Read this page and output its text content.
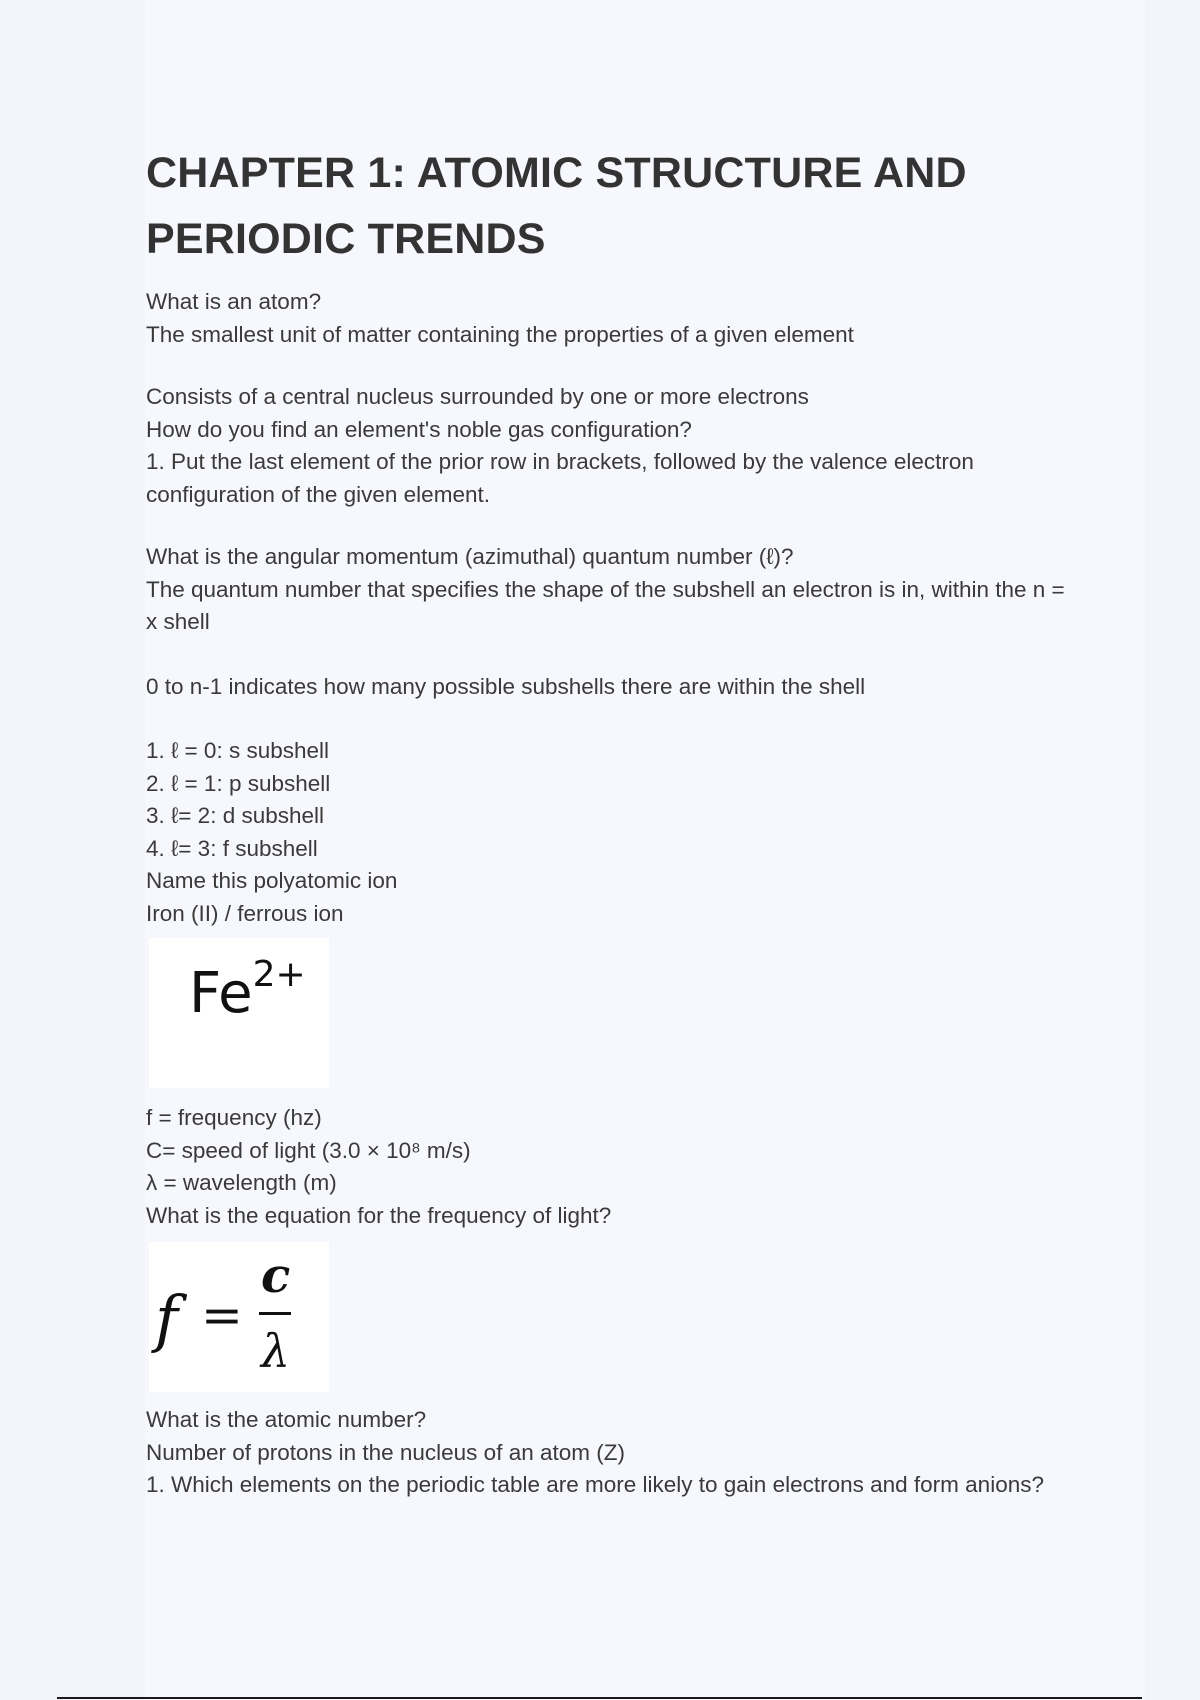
CHAPTER 1: ATOMIC STRUCTURE AND PERIODIC TRENDS
What is an atom?
The smallest unit of matter containing the properties of a given element
Consists of a central nucleus surrounded by one or more electrons
How do you find an element's noble gas configuration?
1. Put the last element of the prior row in brackets, followed by the valence electron configuration of the given element.
What is the angular momentum (azimuthal) quantum number (ℓ)?
The quantum number that specifies the shape of the subshell an electron is in, within the n = x shell
0 to n-1 indicates how many possible subshells there are within the shell
1. ℓ = 0: s subshell
2. ℓ = 1: p subshell
3. ℓ= 2: d subshell
4. ℓ= 3: f subshell
Name this polyatomic ion
Iron (II) / ferrous ion
$Fe^{2+}$
f = frequency (hz)
C= speed of light (3.0 × 10⁸ m/s)
λ = wavelength (m)
What is the equation for the frequency of light?
f =
c
λ
What is the atomic number?
Number of protons in the nucleus of an atom (Z)
1. Which elements on the periodic table are more likely to gain electrons and form anions?
